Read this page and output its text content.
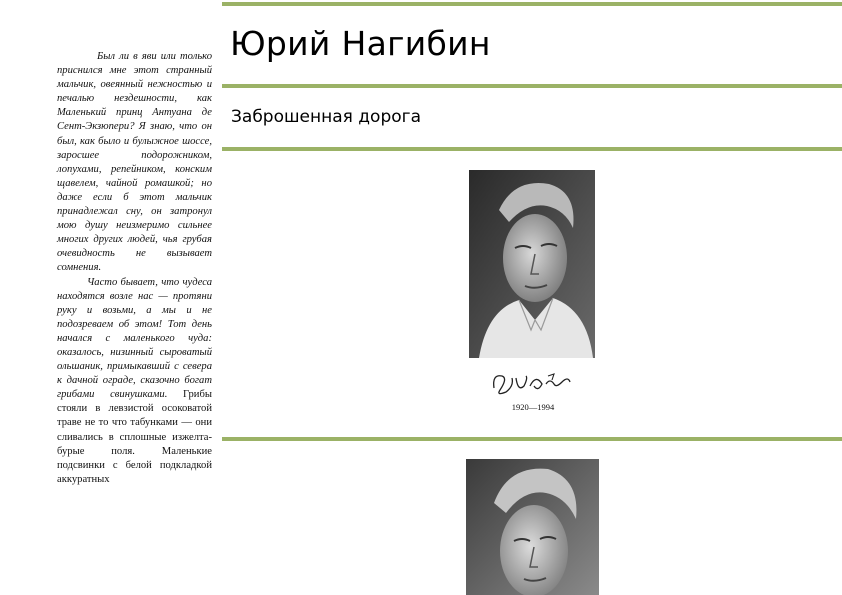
Был ли в яви или только приснился мне этот странный мальчик, овеянный нежностью и печалью нездешности, как Маленький принц Антуана де Сент-Экзюпери? Я знаю, что он был, как было и булыжное шоссе, заросшее подорожником, лопухами, репейником, конским щавелем, чайной ромашкой; но даже если б этот мальчик принадлежал сну, он затронул мою душу неизмеримо сильнее многих других людей, чья грубая очевидность не вызывает сомнения.

Часто бывает, что чудеса находятся возле нас — протяни руку и возьми, а мы и не подозреваем об этом! Тот день начался с маленького чуда: оказалось, низинный сыроватый ольшаник, примыкавший с севера к дачной ограде, сказочно богат грибами свинушками. Грибы стояли в левзистой осоковатой траве не то что табунками — они сливались в сплошные изжелта-бурые поля. Маленькие подсвинки с белой подкладкой аккуратных

Юрий Нагибин
Заброшенная дорога
1920—1994
